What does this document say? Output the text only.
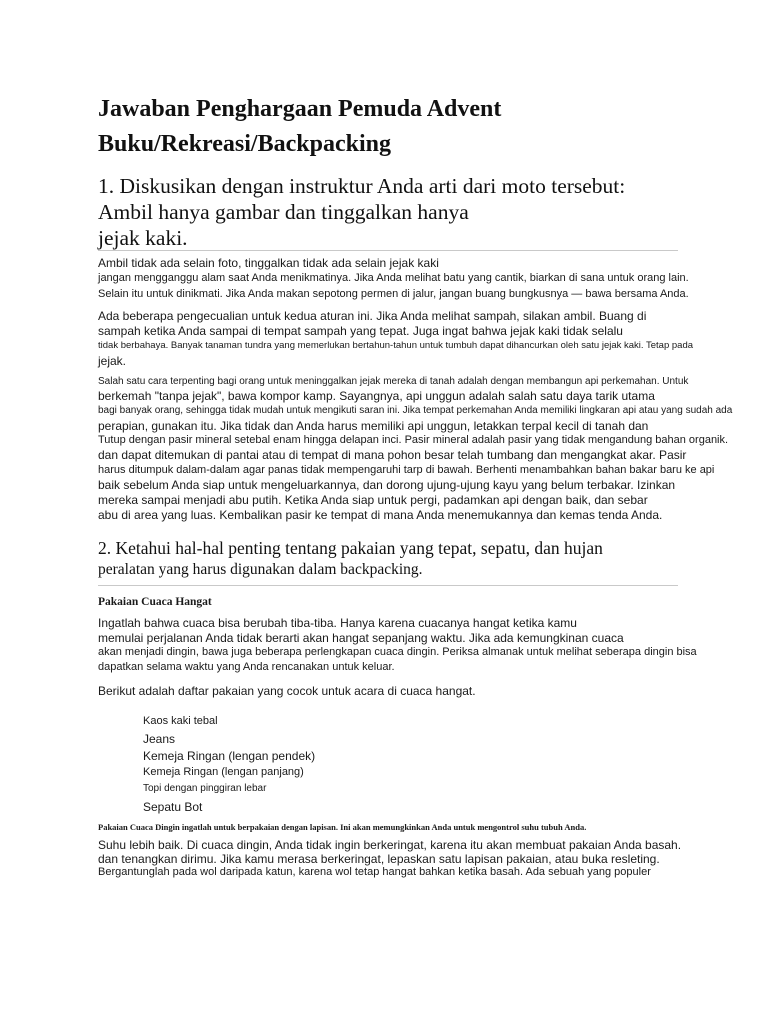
Jawaban Penghargaan Pemuda Advent
Buku/Rekreasi/Backpacking
1. Diskusikan dengan instruktur Anda arti dari moto tersebut:
Ambil hanya gambar dan tinggalkan hanya
jejak kaki.
Ambil tidak ada selain foto, tinggalkan tidak ada selain jejak kaki
jangan mengganggu alam saat Anda menikmatinya. Jika Anda melihat batu yang cantik, biarkan di sana untuk orang lain.
Selain itu untuk dinikmati. Jika Anda makan sepotong permen di jalur, jangan buang bungkusnya — bawa bersama Anda.
Ada beberapa pengecualian untuk kedua aturan ini. Jika Anda melihat sampah, silakan ambil. Buang di
sampah ketika Anda sampai di tempat sampah yang tepat. Juga ingat bahwa jejak kaki tidak selalu
tidak berbahaya. Banyak tanaman tundra yang memerlukan bertahun-tahun untuk tumbuh dapat dihancurkan oleh satu jejak kaki. Tetap pada
jejak.
Salah satu cara terpenting bagi orang untuk meninggalkan jejak mereka di tanah adalah dengan membangun api perkemahan. Untuk
berkemah "tanpa jejak", bawa kompor kamp. Sayangnya, api unggun adalah salah satu daya tarik utama
bagi banyak orang, sehingga tidak mudah untuk mengikuti saran ini. Jika tempat perkemahan Anda memiliki lingkaran api atau yang sudah ada
perapian, gunakan itu. Jika tidak dan Anda harus memiliki api unggun, letakkan terpal kecil di tanah dan
Tutup dengan pasir mineral setebal enam hingga delapan inci. Pasir mineral adalah pasir yang tidak mengandung bahan organik.
dan dapat ditemukan di pantai atau di tempat di mana pohon besar telah tumbang dan mengangkat akar. Pasir
harus ditumpuk dalam-dalam agar panas tidak mempengaruhi tarp di bawah. Berhenti menambahkan bahan bakar baru ke api
baik sebelum Anda siap untuk mengeluarkannya, dan dorong ujung-ujung kayu yang belum terbakar. Izinkan
mereka sampai menjadi abu putih. Ketika Anda siap untuk pergi, padamkan api dengan baik, dan sebar
abu di area yang luas. Kembalikan pasir ke tempat di mana Anda menemukannya dan kemas tenda Anda.
2. Ketahui hal-hal penting tentang pakaian yang tepat, sepatu, dan hujan
peralatan yang harus digunakan dalam backpacking.
Pakaian Cuaca Hangat
Ingatlah bahwa cuaca bisa berubah tiba-tiba. Hanya karena cuacanya hangat ketika kamu
memulai perjalanan Anda tidak berarti akan hangat sepanjang waktu. Jika ada kemungkinan cuaca
akan menjadi dingin, bawa juga beberapa perlengkapan cuaca dingin. Periksa almanak untuk melihat seberapa dingin bisa
dapatkan selama waktu yang Anda rencanakan untuk keluar.
Berikut adalah daftar pakaian yang cocok untuk acara di cuaca hangat.
Kaos kaki tebal
Jeans
Kemeja Ringan (lengan pendek)
Kemeja Ringan (lengan panjang)
Topi dengan pinggiran lebar
Sepatu Bot
Pakaian Cuaca Dingin ingatlah untuk berpakaian dengan lapisan. Ini akan memungkinkan Anda untuk mengontrol suhu tubuh Anda.
Suhu lebih baik. Di cuaca dingin, Anda tidak ingin berkeringat, karena itu akan membuat pakaian Anda basah.
dan tenangkan dirimu. Jika kamu merasa berkeringat, lepaskan satu lapisan pakaian, atau buka resleting.
Bergantunglah pada wol daripada katun, karena wol tetap hangat bahkan ketika basah. Ada sebuah yang populer
